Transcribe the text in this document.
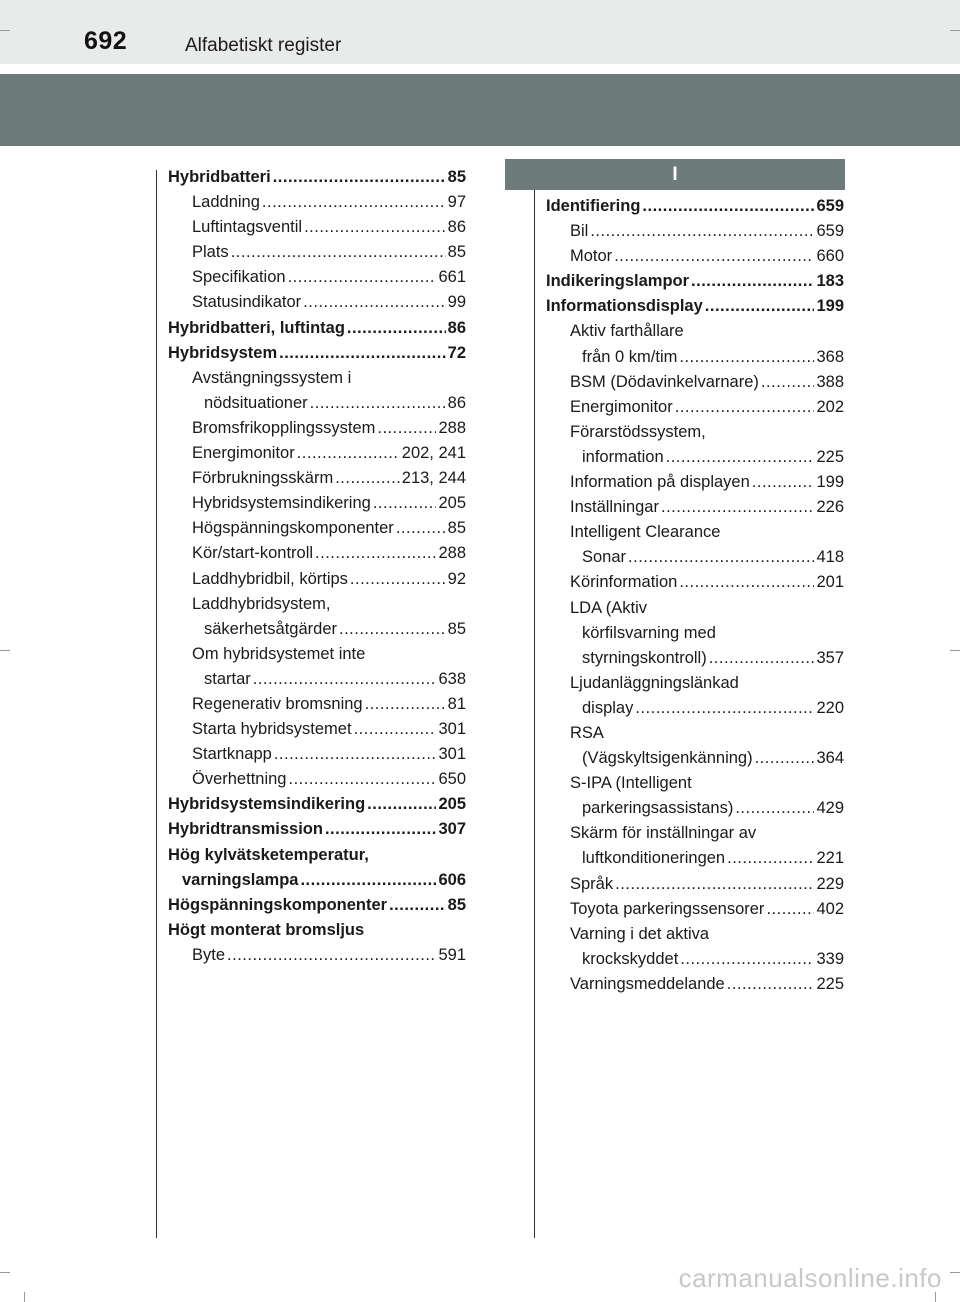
692	Alfabetiskt register
I
Hybridbatteri .....	85
Laddning .....	97
Luftintagsventil .....	86
Plats .....	85
Specifikation .....	661
Statusindikator .....	99
Hybridbatteri, luftintag .....	86
Hybridsystem .....	72
Avstängningssystem i
nödsituationer .....	86
Bromsfrikopplingssystem .....	288
Energimonitor .....	202, 241
Förbrukningsskärm .....	213, 244
Hybridsystemsindikering .....	205
Högspänningskomponenter .....	85
Kör/start-kontroll .....	288
Laddhybridbil, körtips .....	92
Laddhybridsystem,
säkerhetsåtgärder .....	85
Om hybridsystemet inte
startar .....	638
Regenerativ bromsning .....	81
Starta hybridsystemet .....	301
Startknapp .....	301
Överhettning .....	650
Hybridsystemsindikering .....	205
Hybridtransmission .....	307
Hög kylvätsketemperatur,
varningslampa .....	606
Högspänningskomponenter .....	85
Högt monterat bromsljus
Byte .....	591
Identifiering .....	659
Bil .....	659
Motor .....	660
Indikeringslampor .....	183
Informationsdisplay .....	199
Aktiv farthållare
från 0 km/tim .....	368
BSM (Dödavinkelvarnare) .....	388
Energimonitor .....	202
Förarstödssystem,
information .....	225
Information på displayen .....	199
Inställningar .....	226
Intelligent Clearance
Sonar .....	418
Körinformation .....	201
LDA (Aktiv
körfilsvarning med
styrningskontroll) .....	357
Ljudanläggningslänkad
display .....	220
RSA
(Vägskyltsigenkänning) .....	364
S-IPA (Intelligent
parkeringsassistans) .....	429
Skärm för inställningar av
luftkonditioneringen .....	221
Språk .....	229
Toyota parkeringssensorer .....	402
Varning i det aktiva
krockskyddet .....	339
Varningsmeddelande .....	225
carmanualsonline.info
